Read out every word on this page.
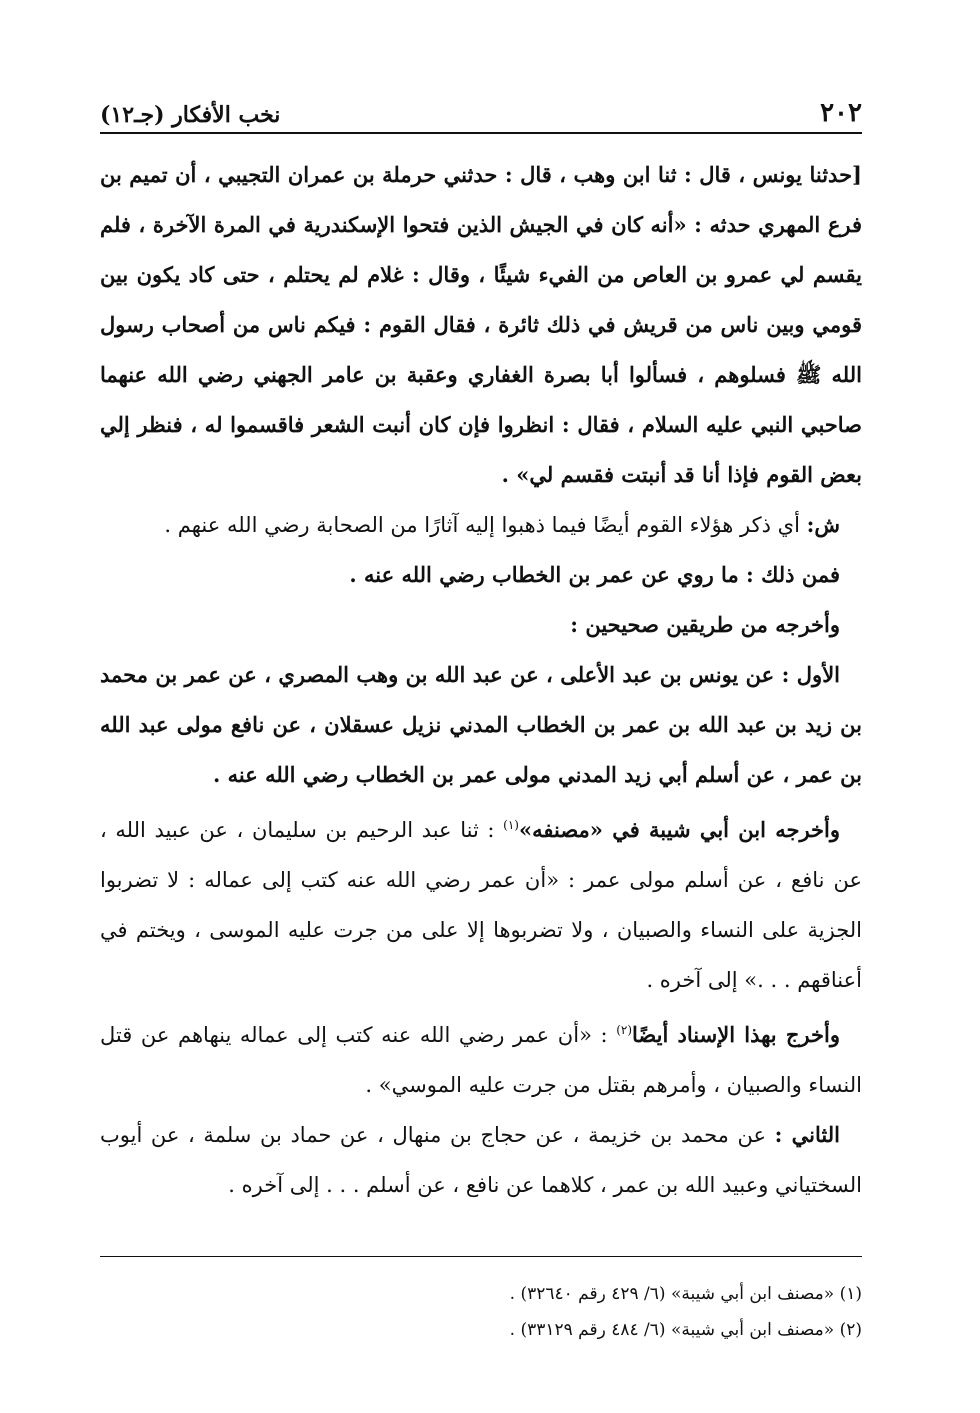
٢٠٢
نخب الأفكار (جـ١٢)

[حدثنا يونس ، قال : ثنا ابن وهب ، قال : حدثني حرملة بن عمران التجيبي ، أن تميم بن فرع المهري حدثه : «أنه كان في الجيش الذين فتحوا الإسكندرية في المرة الآخرة ، فلم يقسم لي عمرو بن العاص من الفيء شيئًا ، وقال : غلام لم يحتلم ، حتى كاد يكون بين قومي وبين ناس من قريش في ذلك ثائرة ، فقال القوم : فيكم ناس من أصحاب رسول الله ﷺ فسلوهم ، فسألوا أبا بصرة الغفاري وعقبة بن عامر الجهني رضي الله عنهما صاحبي النبي عليه السلام ، فقال : انظروا فإن كان أنبت الشعر فاقسموا له ، فنظر إلي بعض القوم فإذا أنا قد أنبتت فقسم لي» .

ش: أي ذكر هؤلاء القوم أيضًا فيما ذهبوا إليه آثارًا من الصحابة رضي الله عنهم .

فمن ذلك : ما روي عن عمر بن الخطاب رضي الله عنه .

وأخرجه من طريقين صحيحين :

الأول : عن يونس بن عبد الأعلى ، عن عبد الله بن وهب المصري ، عن عمر بن محمد بن زيد بن عبد الله بن عمر بن الخطاب المدني نزيل عسقلان ، عن نافع مولى عبد الله بن عمر ، عن أسلم أبي زيد المدني مولى عمر بن الخطاب رضي الله عنه .

وأخرجه ابن أبي شيبة في «مصنفه»$^{(١)}$ : ثنا عبد الرحيم بن سليمان ، عن عبيد الله ، عن نافع ، عن أسلم مولى عمر : «أن عمر رضي الله عنه كتب إلى عماله : لا تضربوا الجزية على النساء والصبيان ، ولا تضربوها إلا على من جرت عليه الموسى ، ويختم في أعناقهم . . .» إلى آخره .

وأخرج بهذا الإسناد أيضًا$^{(٢)}$ : «أن عمر رضي الله عنه كتب إلى عماله ينهاهم عن قتل النساء والصبيان ، وأمرهم بقتل من جرت عليه الموسي» .

الثاني : عن محمد بن خزيمة ، عن حجاج بن منهال ، عن حماد بن سلمة ، عن أيوب السختياني وعبيد الله بن عمر ، كلاهما عن نافع ، عن أسلم . . . إلى آخره .

(١) «مصنف ابن أبي شيبة» (٦/ ٤٢٩ رقم ٣٢٦٤٠) .

(٢) «مصنف ابن أبي شيبة» (٦/ ٤٨٤ رقم ٣٣١٢٩) .
